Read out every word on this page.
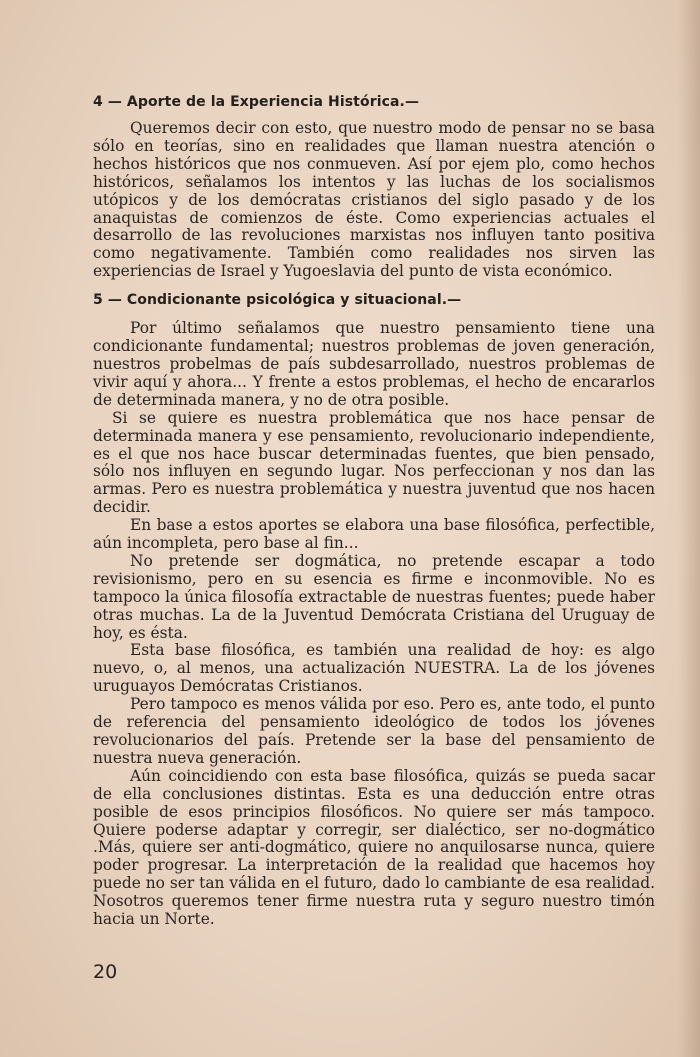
4 — Aporte de la Experiencia Histórica.—

Queremos decir con esto, que nuestro modo de pensar no se basa sólo en teorías, sino en realidades que llaman nuestra atención o hechos históricos que nos conmueven. Así por ejem plo, como hechos históricos, señalamos los intentos y las luchas de los socialismos utópicos y de los demócratas cristianos del siglo pasado y de los anaquistas de comienzos de éste. Como experiencias actuales el desarrollo de las revoluciones marxistas nos influyen tanto positiva como negativamente. También como realidades nos sirven las experiencias de Israel y Yugoeslavia del punto de vista económico.

5 — Condicionante psicológica y situacional.—

Por último señalamos que nuestro pensamiento tiene una condicionante fundamental; nuestros problemas de joven generación, nuestros probelmas de país subdesarrollado, nuestros problemas de vivir aquí y ahora... Y frente a estos problemas, el hecho de encararlos de determinada manera, y no de otra posible.

Si se quiere es nuestra problemática que nos hace pensar de determinada manera y ese pensamiento, revolucionario independiente, es el que nos hace buscar determinadas fuentes, que bien pensado, sólo nos influyen en segundo lugar. Nos perfeccionan y nos dan las armas. Pero es nuestra problemática y nuestra juventud que nos hacen decidir.

En base a estos aportes se elabora una base filosófica, perfectible, aún incompleta, pero base al fin...

No pretende ser dogmática, no pretende escapar a todo revisionismo, pero en su esencia es firme e inconmovible. No es tampoco la única filosofía extractable de nuestras fuentes; puede haber otras muchas. La de la Juventud Demócrata Cristiana del Uruguay de hoy, es ésta.

Esta base filosófica, es también una realidad de hoy: es algo nuevo, o, al menos, una actualización NUESTRA. La de los jóvenes uruguayos Demócratas Cristianos.

Pero tampoco es menos válida por eso. Pero es, ante todo, el punto de referencia del pensamiento ideológico de todos los jóvenes revolucionarios del país. Pretende ser la base del pensamiento de nuestra nueva generación.

Aún coincidiendo con esta base filosófica, quizás se pueda sacar de ella conclusiones distintas. Esta es una deducción entre otras posible de esos principios filosóficos. No quiere ser más tampoco. Quiere poderse adaptar y corregir, ser dialéctico, ser no-dogmático .Más, quiere ser anti-dogmático, quiere no anquilosarse nunca, quiere poder progresar. La interpretación de la realidad que hacemos hoy puede no ser tan válida en el futuro, dado lo cambiante de esa realidad. Nosotros queremos tener firme nuestra ruta y seguro nuestro timón hacia un Norte.

20
